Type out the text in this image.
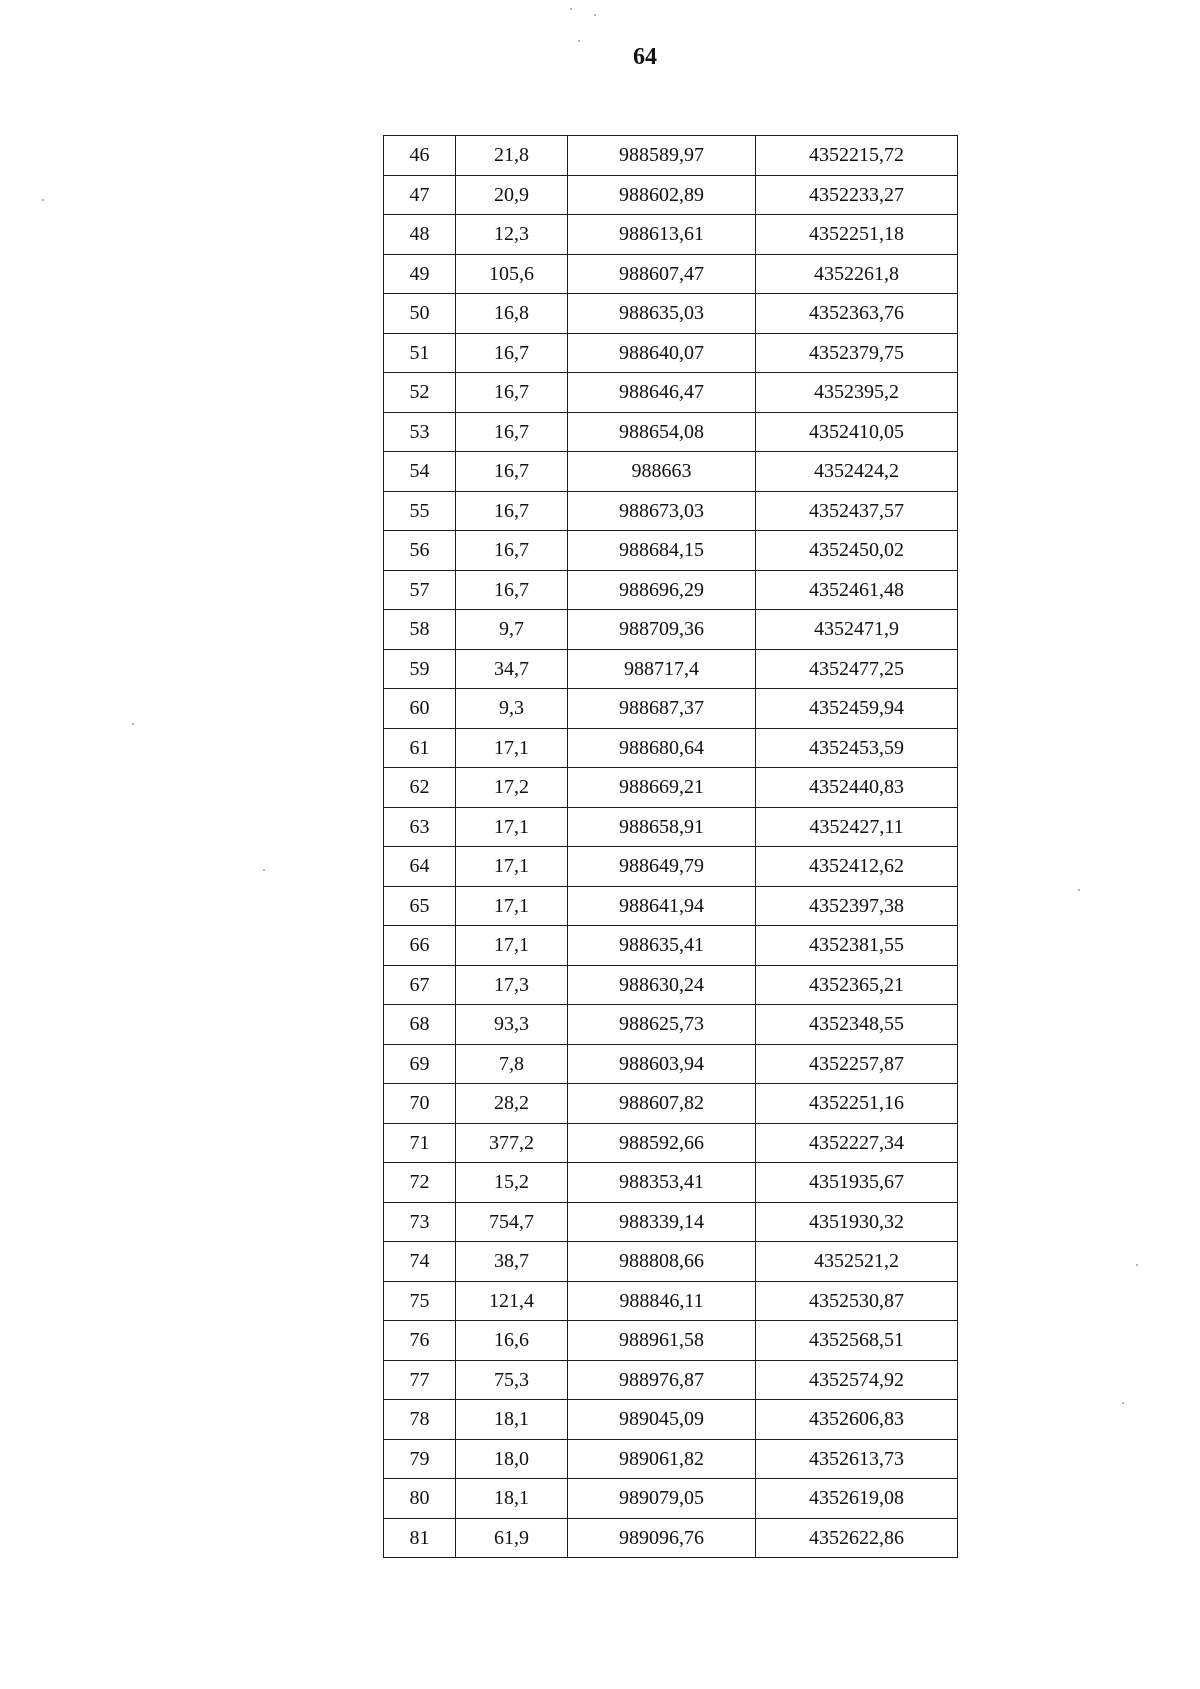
64
46	21,8	988589,97	4352215,72
47	20,9	988602,89	4352233,27
48	12,3	988613,61	4352251,18
49	105,6	988607,47	4352261,8
50	16,8	988635,03	4352363,76
51	16,7	988640,07	4352379,75
52	16,7	988646,47	4352395,2
53	16,7	988654,08	4352410,05
54	16,7	988663	4352424,2
55	16,7	988673,03	4352437,57
56	16,7	988684,15	4352450,02
57	16,7	988696,29	4352461,48
58	9,7	988709,36	4352471,9
59	34,7	988717,4	4352477,25
60	9,3	988687,37	4352459,94
61	17,1	988680,64	4352453,59
62	17,2	988669,21	4352440,83
63	17,1	988658,91	4352427,11
64	17,1	988649,79	4352412,62
65	17,1	988641,94	4352397,38
66	17,1	988635,41	4352381,55
67	17,3	988630,24	4352365,21
68	93,3	988625,73	4352348,55
69	7,8	988603,94	4352257,87
70	28,2	988607,82	4352251,16
71	377,2	988592,66	4352227,34
72	15,2	988353,41	4351935,67
73	754,7	988339,14	4351930,32
74	38,7	988808,66	4352521,2
75	121,4	988846,11	4352530,87
76	16,6	988961,58	4352568,51
77	75,3	988976,87	4352574,92
78	18,1	989045,09	4352606,83
79	18,0	989061,82	4352613,73
80	18,1	989079,05	4352619,08
81	61,9	989096,76	4352622,86
